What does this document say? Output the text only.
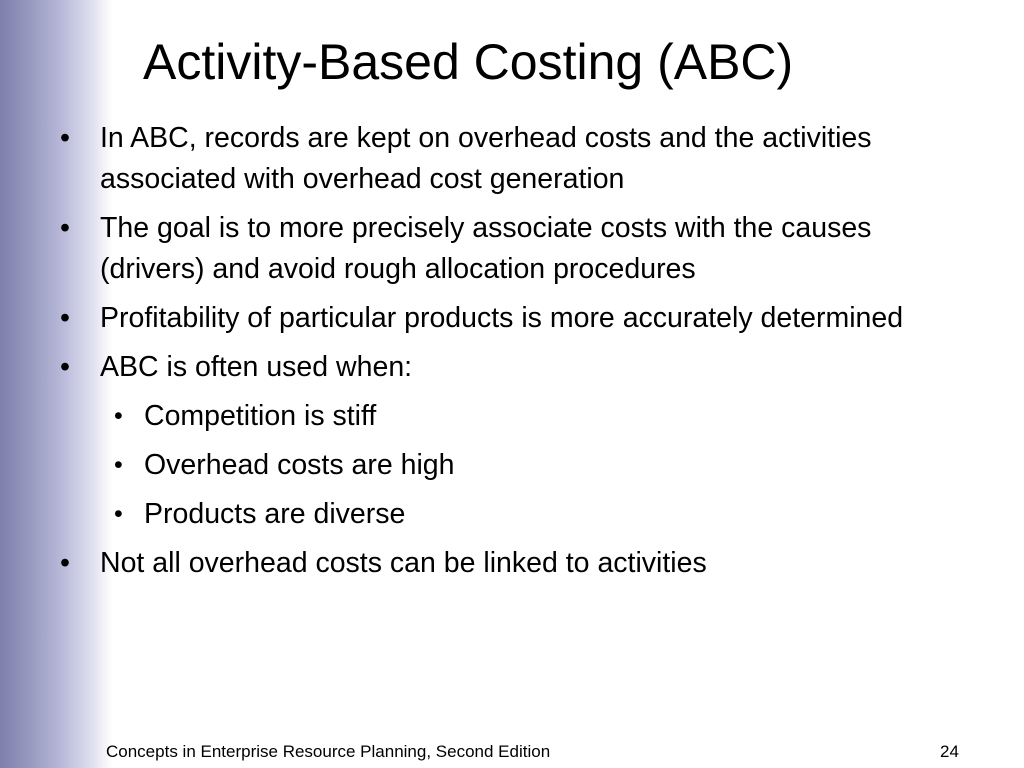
Activity-Based Costing (ABC)
• In ABC, records are kept on overhead costs and the activities associated with overhead cost generation
• The goal is to more precisely associate costs with the causes (drivers) and avoid rough allocation procedures
• Profitability of particular products is more accurately determined
• ABC is often used when:
• Competition is stiff
• Overhead costs are high
• Products are diverse
• Not all overhead costs can be linked to activities
Concepts in Enterprise Resource Planning, Second Edition	24
